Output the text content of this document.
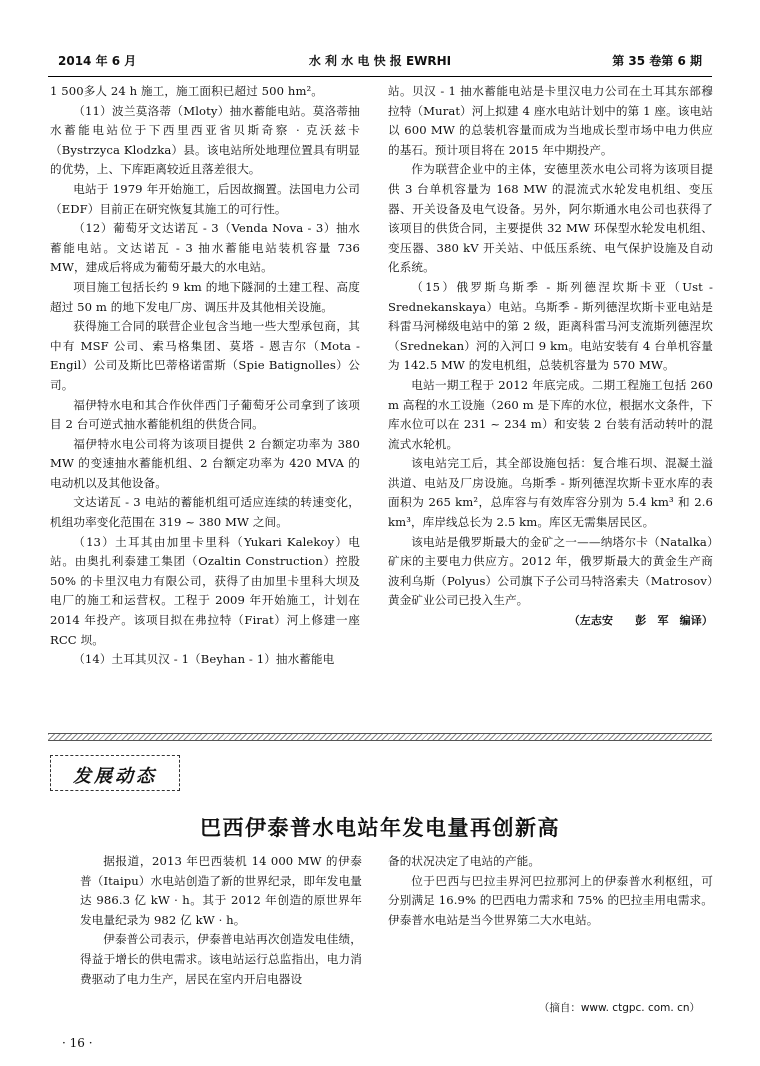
2014 年 6 月	水 利 水 电 快 报 EWRHI	第 35 卷第 6 期

1 500多人 24 h 施工，施工面积已超过 500 hm²。

（11）波兰莫洛蒂（Mloty）抽水蓄能电站。莫洛蒂抽水蓄能电站位于下西里西亚省贝斯奇察 · 克沃兹卡（Bystrzyca Klodzka）县。该电站所处地理位置具有明显的优势，上、下库距离较近且落差很大。

电站于 1979 年开始施工，后因故搁置。法国电力公司（EDF）目前正在研究恢复其施工的可行性。

（12）葡萄牙文达诺瓦 - 3（Venda Nova - 3）抽水蓄能电站。文达诺瓦 - 3 抽水蓄能电站装机容量 736 MW，建成后将成为葡萄牙最大的水电站。

项目施工包括长约 9 km 的地下隧洞的土建工程、高度超过 50 m 的地下发电厂房、调压井及其他相关设施。

获得施工合同的联营企业包含当地一些大型承包商，其中有 MSF 公司、索马格集团、莫塔 - 恩吉尔（Mota - Engil）公司及斯比巴蒂格诺雷斯（Spie Batignolles）公司。

福伊特水电和其合作伙伴西门子葡萄牙公司拿到了该项目 2 台可逆式抽水蓄能机组的供货合同。

福伊特水电公司将为该项目提供 2 台额定功率为 380 MW 的变速抽水蓄能机组、2 台额定功率为 420 MVA 的电动机以及其他设备。

文达诺瓦 - 3 电站的蓄能机组可适应连续的转速变化，机组功率变化范围在 319 ~ 380 MW 之间。

（13）土耳其由加里卡里科（Yukari Kalekoy）电站。由奥扎利泰建工集团（Ozaltin Construction）控股 50% 的卡里汉电力有限公司，获得了由加里卡里科大坝及电厂的施工和运营权。工程于 2009 年开始施工，计划在 2014 年投产。该项目拟在弗拉特（Firat）河上修建一座 RCC 坝。

（14）土耳其贝汉 - 1（Beyhan - 1）抽水蓄能电

站。贝汉 - 1 抽水蓄能电站是卡里汉电力公司在土耳其东部穆拉特（Murat）河上拟建 4 座水电站计划中的第 1 座。该电站以 600 MW 的总装机容量而成为当地成长型市场中电力供应的基石。预计项目将在 2015 年中期投产。

作为联营企业中的主体，安德里茨水电公司将为该项目提供 3 台单机容量为 168 MW 的混流式水轮发电机组、变压器、开关设备及电气设备。另外，阿尔斯通水电公司也获得了该项目的供货合同，主要提供 32 MW 环保型水轮发电机组、变压器、380 kV 开关站、中低压系统、电气保护设施及自动化系统。

（15）俄罗斯乌斯季 - 斯列德涅坎斯卡亚（Ust - Srednekanskaya）电站。乌斯季 - 斯列德涅坎斯卡亚电站是科雷马河梯级电站中的第 2 级，距离科雷马河支流斯列德涅坎（Srednekan）河的入河口 9 km。电站安装有 4 台单机容量为 142.5 MW 的发电机组，总装机容量为 570 MW。

电站一期工程于 2012 年底完成。二期工程施工包括 260 m 高程的水工设施（260 m 是下库的水位，根据水文条件，下库水位可以在 231 ~ 234 m）和安装 2 台装有活动转叶的混流式水轮机。

该电站完工后，其全部设施包括：复合堆石坝、混凝土溢洪道、电站及厂房设施。乌斯季 - 斯列德涅坎斯卡亚水库的表面积为 265 km²，总库容与有效库容分别为 5.4 km³ 和 2.6 km³，库岸线总长为 2.5 km。库区无需集居民区。

该电站是俄罗斯最大的金矿之一——纳塔尔卡（Natalka）矿床的主要电力供应方。2012 年，俄罗斯最大的黄金生产商波利乌斯（Polyus）公司旗下子公司马特洛索夫（Matrosov）黄金矿业公司已投入生产。

（左志安　　彭　军　编译）

发展动态
巴西伊泰普水电站年发电量再创新高

据报道，2013 年巴西装机 14 000 MW 的伊泰普（Itaipu）水电站创造了新的世界纪录，即年发电量达 986.3 亿 kW · h。其于 2012 年创造的原世界年发电量纪录为 982 亿 kW · h。

伊泰普公司表示，伊泰普电站再次创造发电佳绩，得益于增长的供电需求。该电站运行总监指出，电力消费驱动了电力生产，居民在室内开启电器设

备的状况决定了电站的产能。

位于巴西与巴拉圭界河巴拉那河上的伊泰普水利枢纽，可分别满足 16.9% 的巴西电力需求和 75% 的巴拉圭用电需求。伊泰普水电站是当今世界第二大水电站。

（摘自：www. ctgpc. com. cn）
· 16 ·
